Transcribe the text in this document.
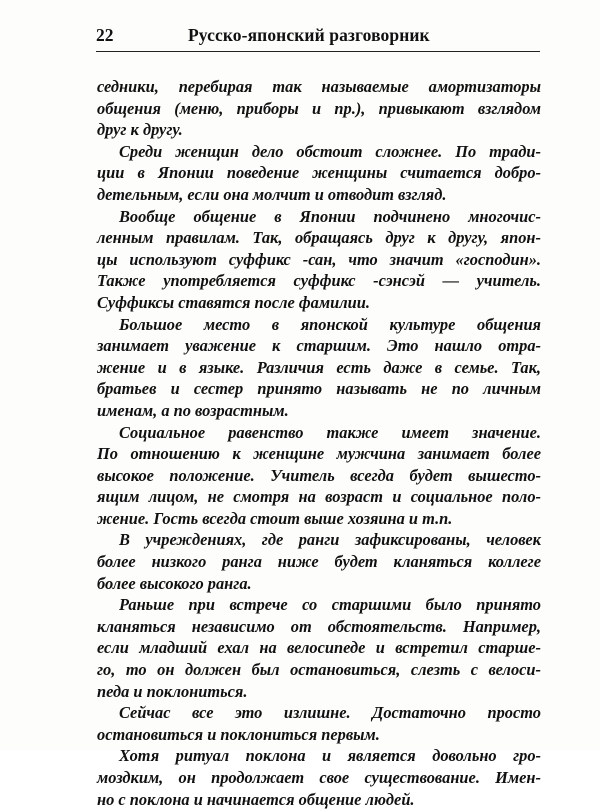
22	Русско-японский разговорник
седники, перебирая так называемые амортизаторы
общения (меню, приборы и пр.), привыкают взглядом
друг к другу.
Среди женщин дело обстоит сложнее. По тради-
ции в Японии поведение женщины считается добро-
детельным, если она молчит и отводит взгляд.
Вообще общение в Японии подчинено многочис-
ленным правилам. Так, обращаясь друг к другу, япон-
цы используют суффикс -сан, что значит «господин».
Также употребляется суффикс -сэнсэй — учитель.
Суффиксы ставятся после фамилии.
Большое место в японской культуре общения
занимает уважение к старшим. Это нашло отра-
жение и в языке. Различия есть даже в семье. Так,
братьев и сестер принято называть не по личным
именам, а по возрастным.
Социальное равенство также имеет значение.
По отношению к женщине мужчина занимает более
высокое положение. Учитель всегда будет вышесто-
ящим лицом, не смотря на возраст и социальное поло-
жение. Гость всегда стоит выше хозяина и т.п.
В учреждениях, где ранги зафиксированы, человек
более низкого ранга ниже будет кланяться коллеге
более высокого ранга.
Раньше при встрече со старшими было принято
кланяться независимо от обстоятельств. Например,
если младший ехал на велосипеде и встретил старше-
го, то он должен был остановиться, слезть с велоси-
педа и поклониться.
Сейчас все это излишне. Достаточно просто
остановиться и поклониться первым.
Хотя ритуал поклона и является довольно гро-
моздким, он продолжает свое существование. Имен-
но с поклона и начинается общение людей.
